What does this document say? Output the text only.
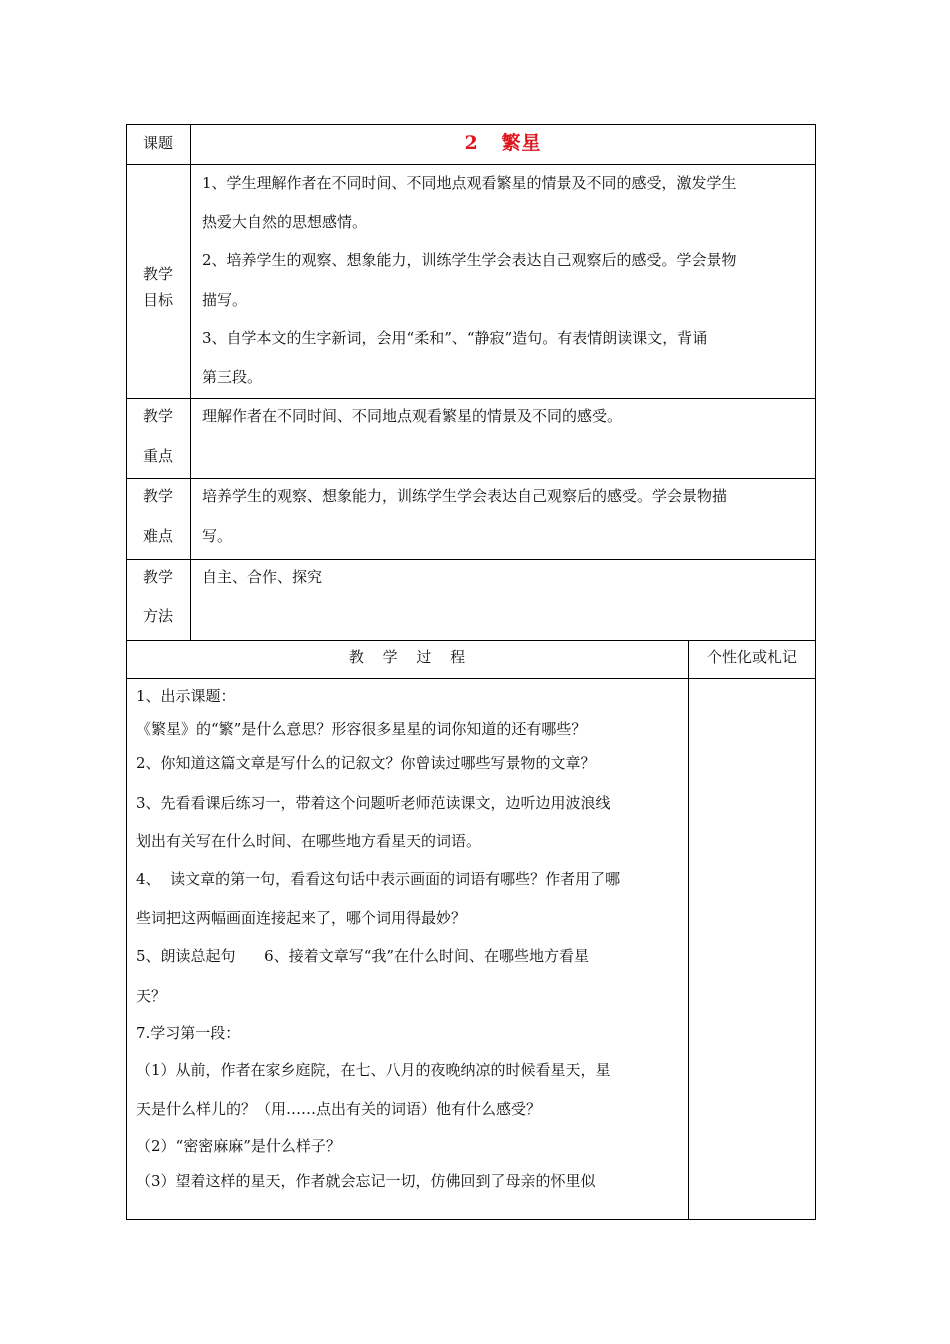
课题	2   繁星
教学
目标
1、学生理解作者在不同时间、不同地点观看繁星的情景及不同的感受，激发学生
热爱大自然的思想感情。
2、培养学生的观察、想象能力，训练学生学会表达自己观察后的感受。学会景物
描写。
3、自学本文的生字新词，会用“柔和”、“静寂”造句。有表情朗读课文，背诵
第三段。
教学
重点
理解作者在不同时间、不同地点观看繁星的情景及不同的感受。
教学
难点
培养学生的观察、想象能力，训练学生学会表达自己观察后的感受。学会景物描
写。
教学
方法
自主、合作、探究
教 学 过 程	个性化或札记
1、出示课题：
《繁星》的“繁”是什么意思？形容很多星星的词你知道的还有哪些？
2、你知道这篇文章是写什么的记叙文？你曾读过哪些写景物的文章？
3、先看看课后练习一，带着这个问题听老师范读课文，边听边用波浪线
划出有关写在什么时间、在哪些地方看星天的词语。
4、  读文章的第一句，看看这句话中表示画面的词语有哪些？作者用了哪
些词把这两幅画面连接起来了，哪个词用得最妙？
5、朗读总起句      6、接着文章写“我”在什么时间、在哪些地方看星
天？
7.学习第一段：
（1）从前，作者在家乡庭院，在七、八月的夜晚纳凉的时候看星天，星
天是什么样儿的？（用……点出有关的词语）他有什么感受？
（2）“密密麻麻”是什么样子？
（3）望着这样的星天，作者就会忘记一切，仿佛回到了母亲的怀里似
